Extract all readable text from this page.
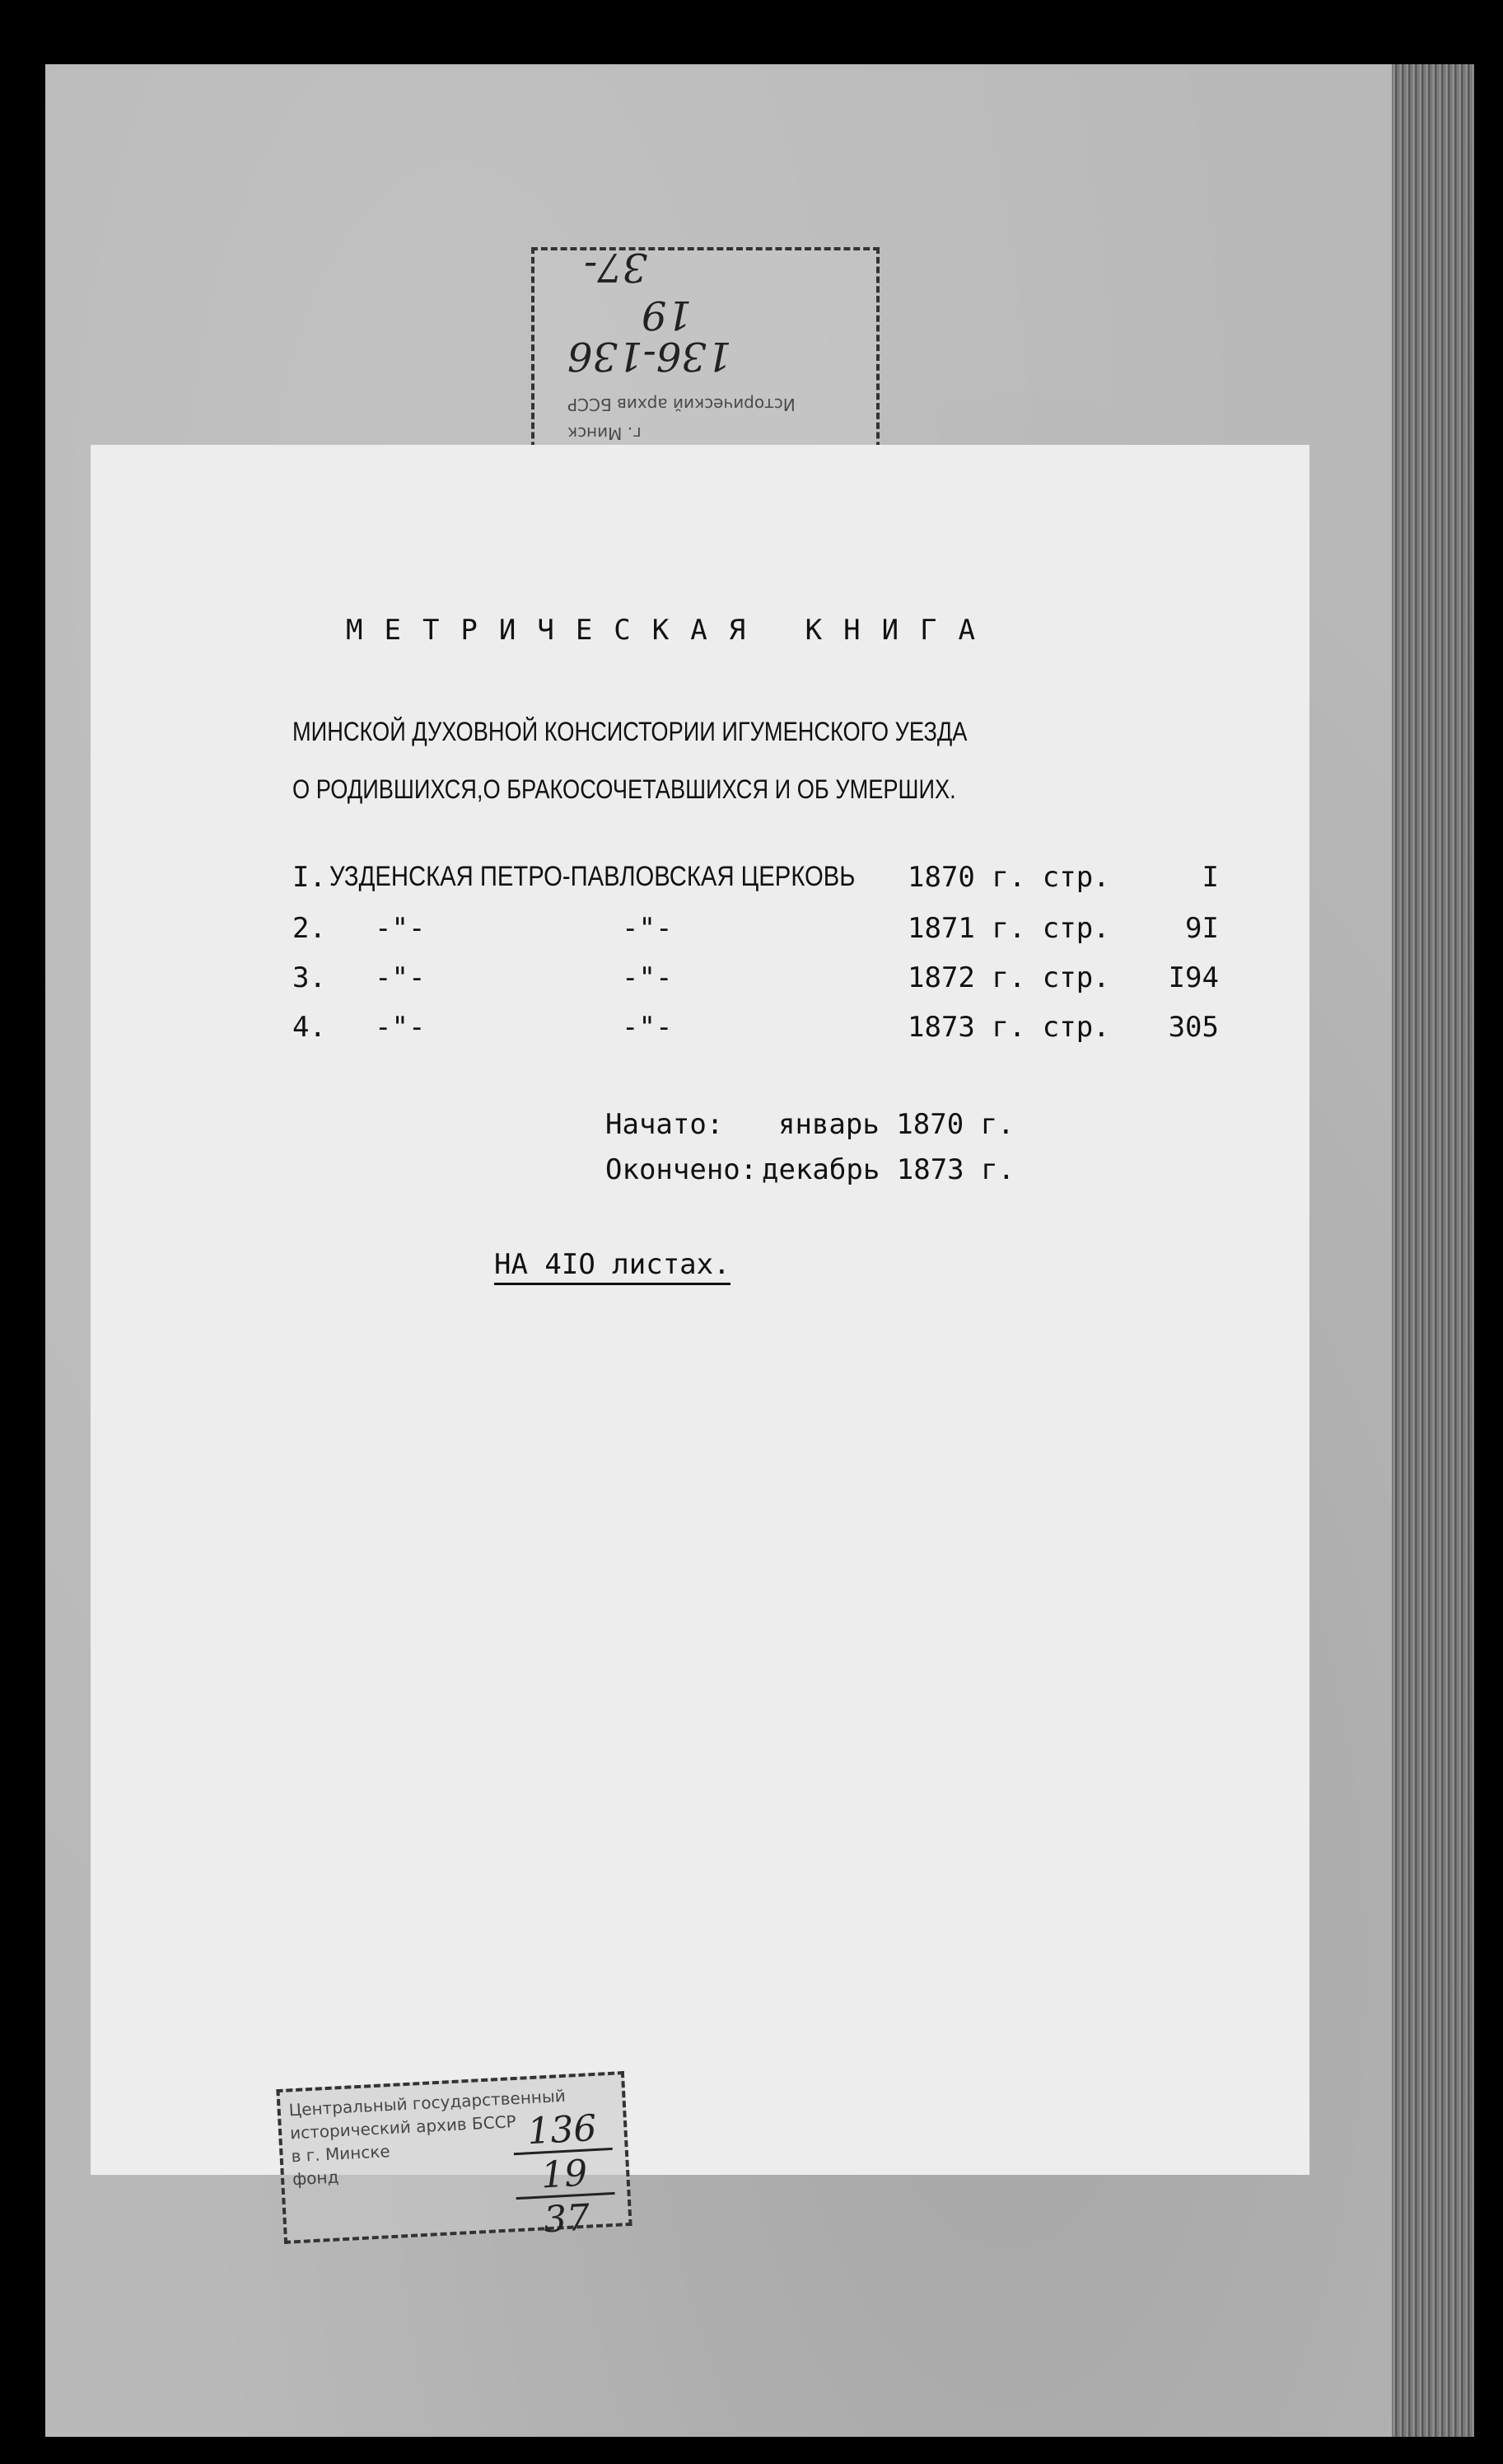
37-
19
136-136
Исторический архив БССР
г. Минск
МЕТРИЧЕСКАЯ КНИГА
МИНСКОЙ ДУХОВНОЙ КОНСИСТОРИИ ИГУМЕНСКОГО УЕЗДА
О РОДИВШИХСЯ,О БРАКОСОЧЕТАВШИХСЯ И ОБ УМЕРШИХ.
I. УЗДЕНСКАЯ ПЕТРО-ПАВЛОВСКАЯ ЦЕРКОВЬ 1870 г. стр.	I
2. -"-	-"-	1871 г. стр.	9I
3. -"-	-"-	1872 г. стр. I94
4. -"-	-"-	1873 г. стр. 305
Начато: январь 1870 г.
Окончено: декабрь 1873 г.
НА 4IO листах.
Центральный государственный
исторический архив БССР
в г. Минске
фонд
136
19
37
